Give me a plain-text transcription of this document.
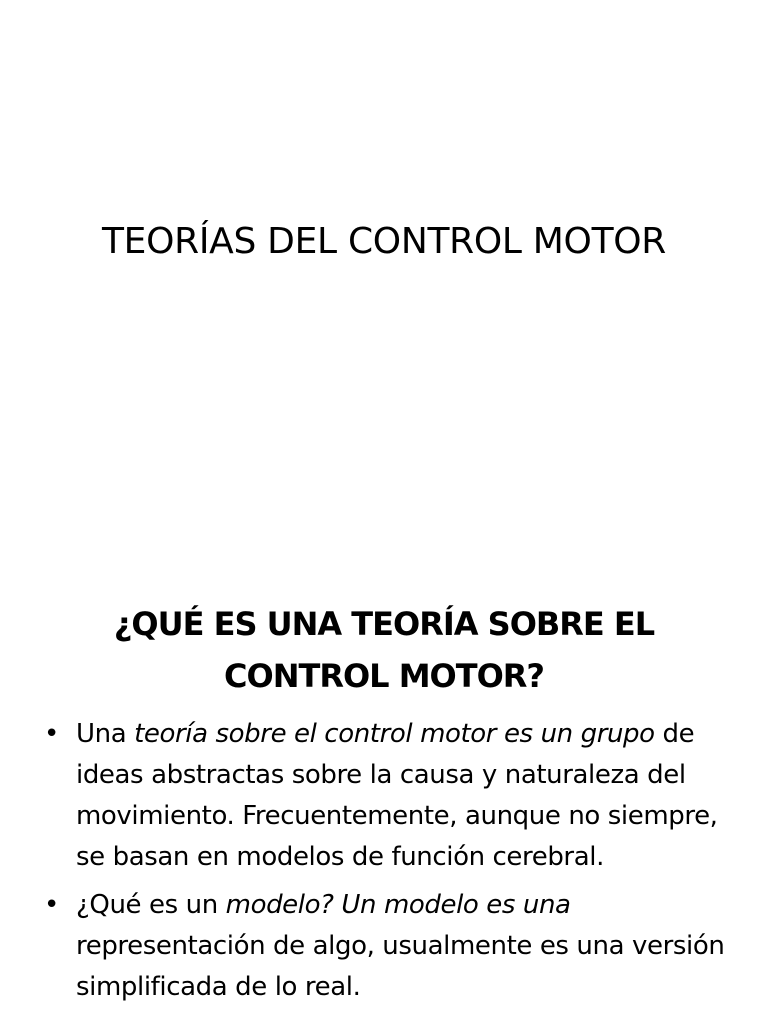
TEORÍAS DEL CONTROL MOTOR
¿QUÉ ES UNA TEORÍA SOBRE EL
CONTROL MOTOR?
• Una teoría sobre el control motor es un grupo de ideas abstractas sobre la causa y naturaleza del movimiento. Frecuentemente, aunque no siempre, se basan en modelos de función cerebral.
• ¿Qué es un modelo? Un modelo es una representación de algo, usualmente es una versión simplificada de lo real.
